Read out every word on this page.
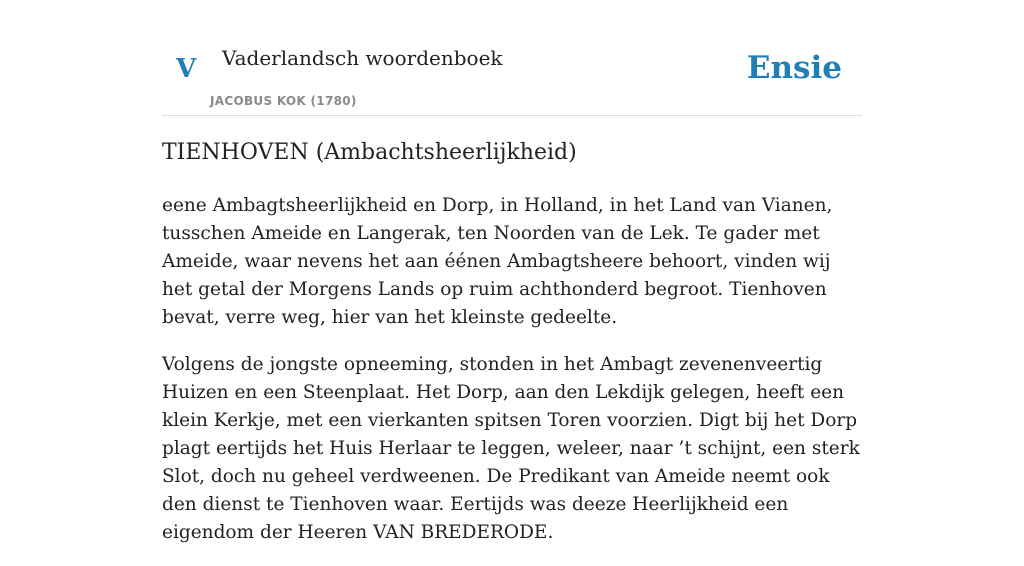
V Vaderlandsch woordenboek
JACOBUS KOK (1780)
Ensie
TIENHOVEN (Ambachtsheerlijkheid)

eene Ambagtsheerlijkheid en Dorp, in Holland, in het Land van Vianen, tusschen Ameide en Langerak, ten Noorden van de Lek. Te gader met Ameide, waar nevens het aan éénen Ambagtsheere behoort, vinden wij het getal der Morgens Lands op ruim achthonderd begroot. Tienhoven bevat, verre weg, hier van het kleinste gedeelte.

Volgens de jongste opneeming, stonden in het Ambagt zevenenveertig Huizen en een Steenplaat. Het Dorp, aan den Lekdijk gelegen, heeft een klein Kerkje, met een vierkanten spitsen Toren voorzien. Digt bij het Dorp plagt eertijds het Huis Herlaar te leggen, weleer, naar ’t schijnt, een sterk Slot, doch nu geheel verdweenen. De Predikant van Ameide neemt ook den dienst te Tienhoven waar. Eertijds was deeze Heerlijkheid een eigendom der Heeren VAN BREDERODE.
